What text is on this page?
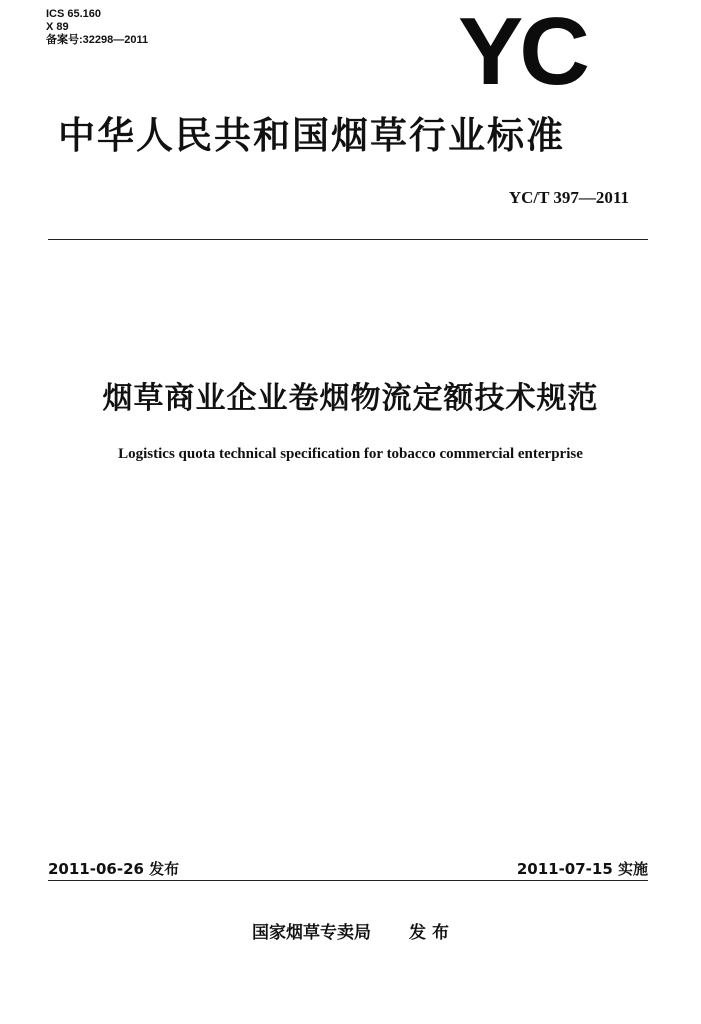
ICS 65.160
X 89
备案号:32298—2011	YC
中华人民共和国烟草行业标准
YC/T 397—2011
烟草商业企业卷烟物流定额技术规范
Logistics quota technical specification for tobacco commercial enterprise
2011-06-26 发布	2011-07-15 实施
国家烟草专卖局 发 布
